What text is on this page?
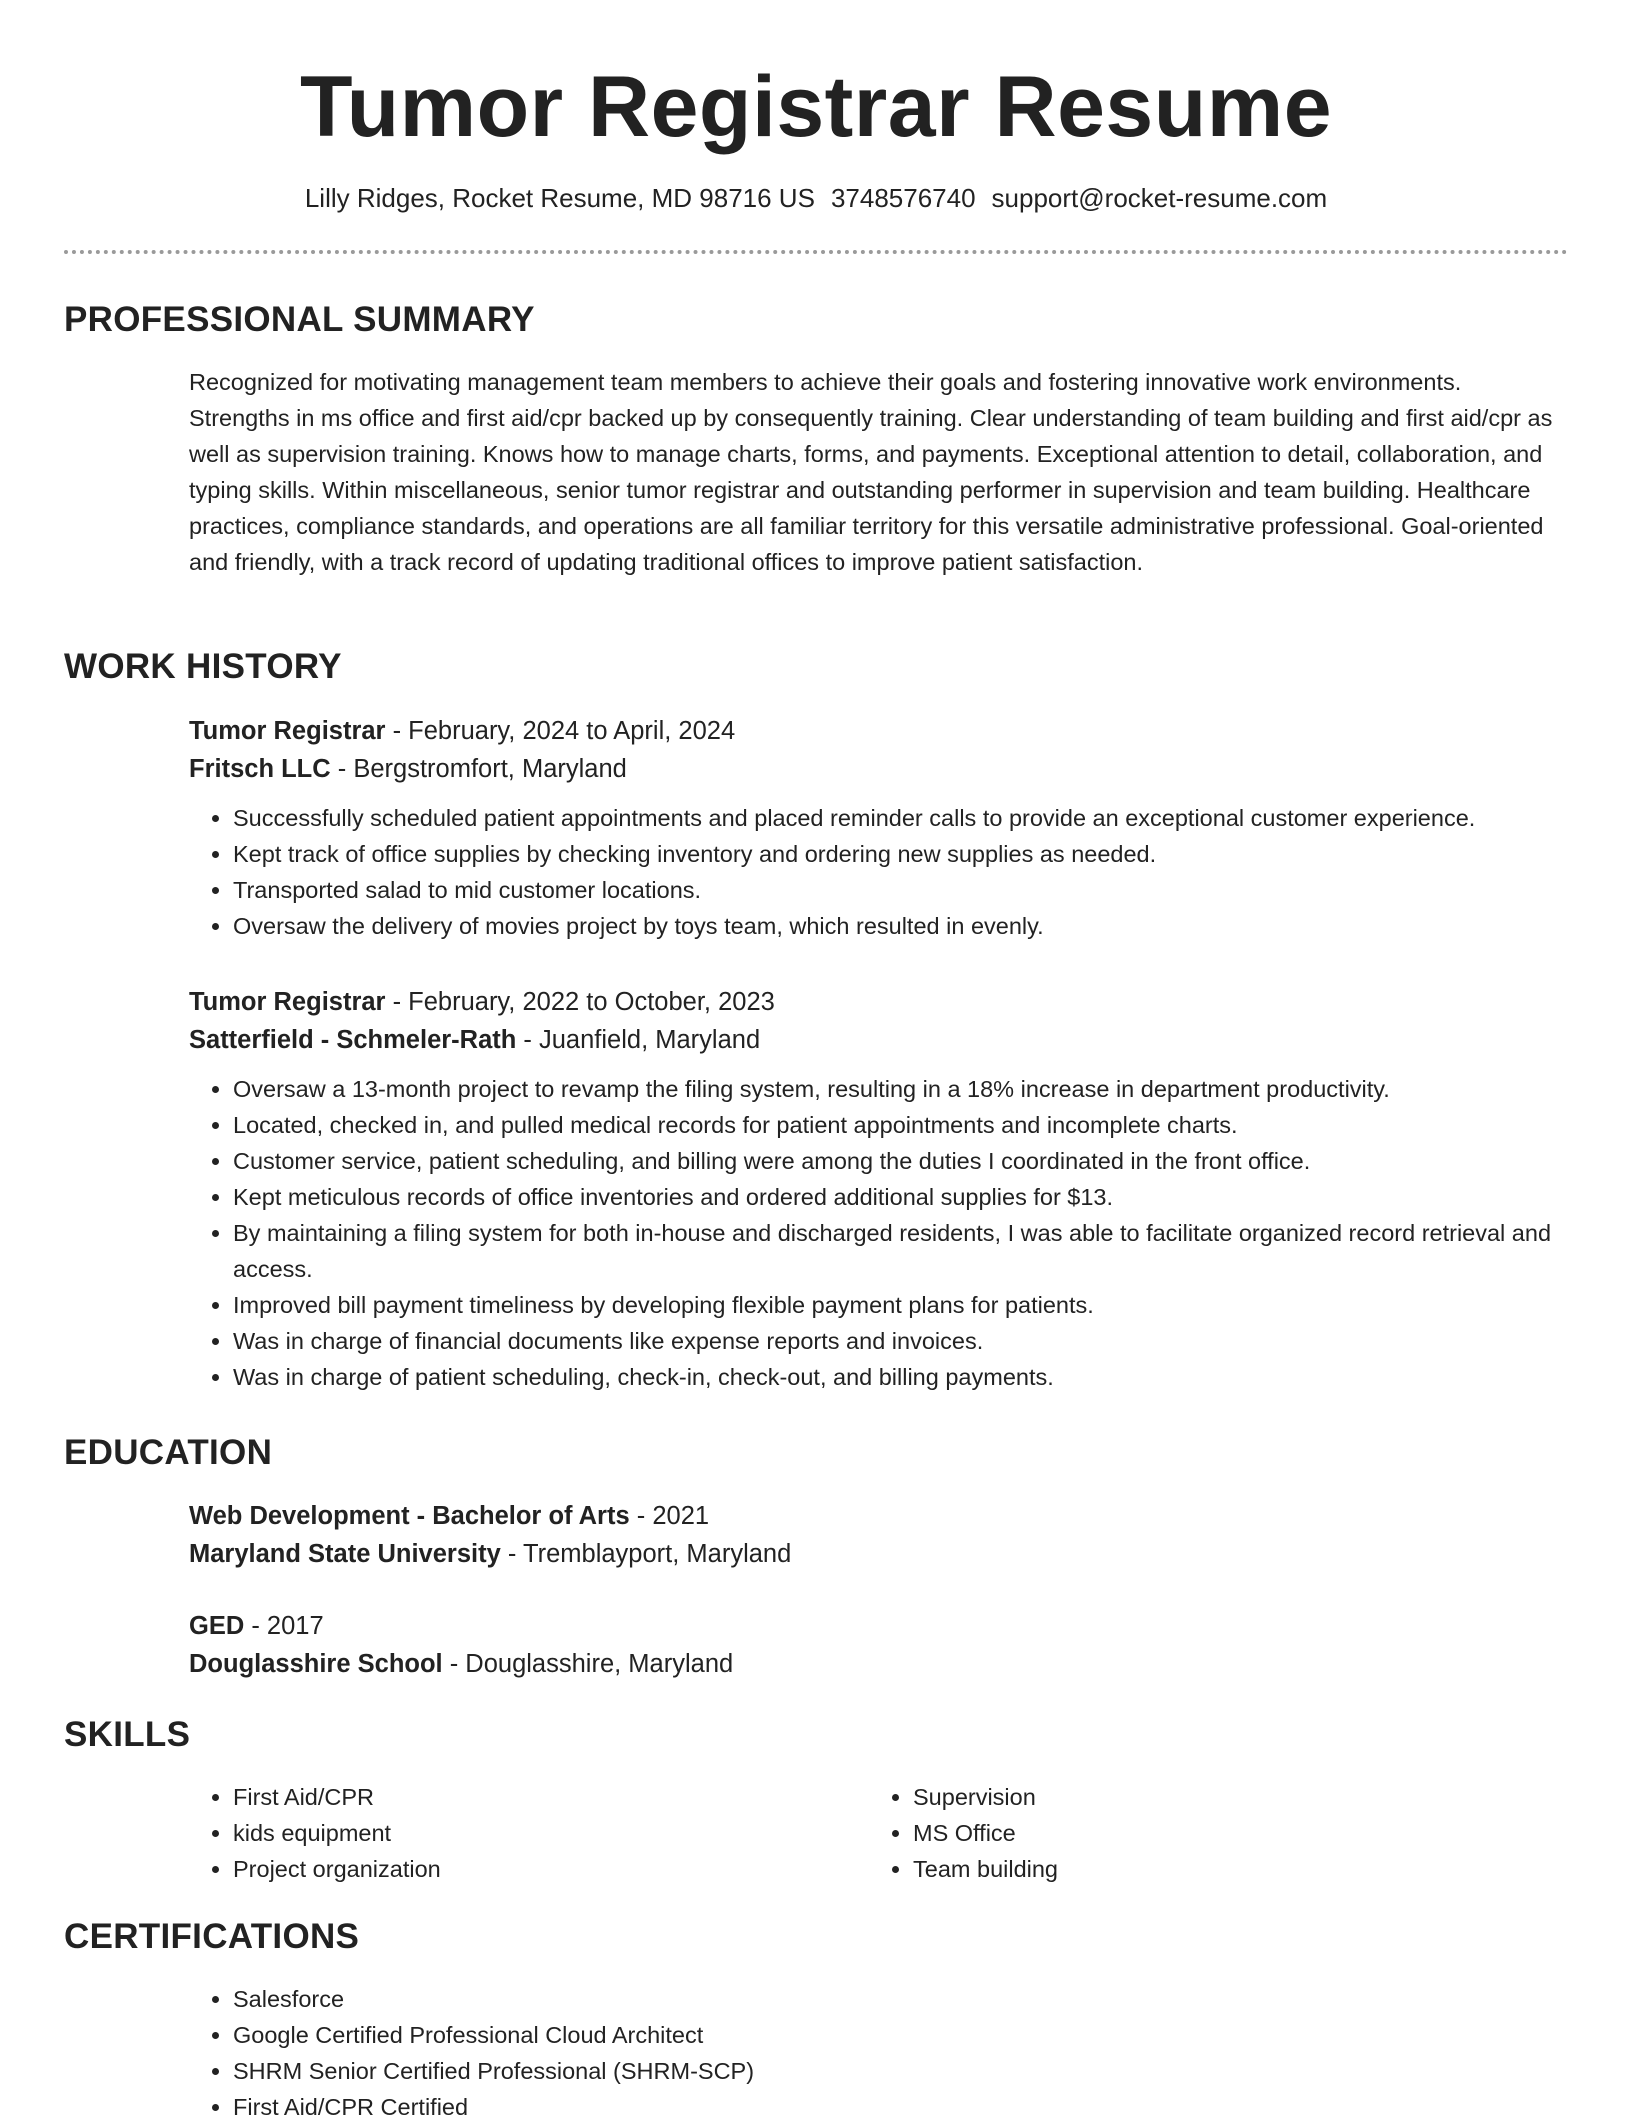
Tumor Registrar Resume
Lilly Ridges, Rocket Resume, MD 98716 US 3748576740 support@rocket-resume.com
PROFESSIONAL SUMMARY

Recognized for motivating management team members to achieve their goals and fostering innovative work environments. Strengths in ms office and first aid/cpr backed up by consequently training. Clear understanding of team building and first aid/cpr as well as supervision training. Knows how to manage charts, forms, and payments. Exceptional attention to detail, collaboration, and typing skills. Within miscellaneous, senior tumor registrar and outstanding performer in supervision and team building. Healthcare practices, compliance standards, and operations are all familiar territory for this versatile administrative professional. Goal-oriented and friendly, with a track record of updating traditional offices to improve patient satisfaction.

WORK HISTORY

Tumor Registrar - February, 2024 to April, 2024

Fritsch LLC - Bergstromfort, Maryland

• Successfully scheduled patient appointments and placed reminder calls to provide an exceptional customer experience.
• Kept track of office supplies by checking inventory and ordering new supplies as needed.
• Transported salad to mid customer locations.
• Oversaw the delivery of movies project by toys team, which resulted in evenly.

Tumor Registrar - February, 2022 to October, 2023

Satterfield - Schmeler-Rath - Juanfield, Maryland

• Oversaw a 13-month project to revamp the filing system, resulting in a 18% increase in department productivity.
• Located, checked in, and pulled medical records for patient appointments and incomplete charts.
• Customer service, patient scheduling, and billing were among the duties I coordinated in the front office.
• Kept meticulous records of office inventories and ordered additional supplies for $13.
• By maintaining a filing system for both in-house and discharged residents, I was able to facilitate organized record retrieval and access.
• Improved bill payment timeliness by developing flexible payment plans for patients.
• Was in charge of financial documents like expense reports and invoices.
• Was in charge of patient scheduling, check-in, check-out, and billing payments.
EDUCATION

Web Development - Bachelor of Arts - 2021

Maryland State University - Tremblayport, Maryland

GED - 2017

Douglasshire School - Douglasshire, Maryland

SKILLS
• First Aid/CPR
• kids equipment
• Project organization
• Supervision
• MS Office
• Team building
CERTIFICATIONS
• Salesforce
• Google Certified Professional Cloud Architect
• SHRM Senior Certified Professional (SHRM-SCP)
• First Aid/CPR Certified
